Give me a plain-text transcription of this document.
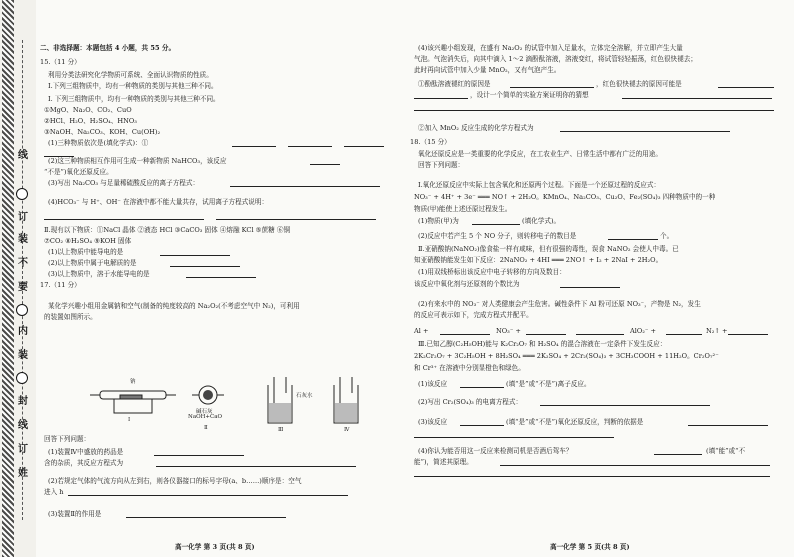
线
订
装
不
要
内
装
封
线
订
姓
二、非选择题：本题包括 4 小题，共 55 分。
15.（11 分）
利用分类法研究化学物质可系统、全面认识物质的性质。
Ⅰ.下列三组物质中，均有一种物质的类别与其他三种不同。
Ⅰ. 下列三组物质中，均有一种物质的类别与其他三种不同。
①MgO、Na₂O、CO₂、CuO
②HCl、H₂O、H₂SO₄、HNO₃
③NaOH、Na₂CO₃、KOH、Cu(OH)₂
(1)三种物质依次是(填化学式)：①
(2)这三种物质相互作用可生成一种新物质 NaHCO₃，该反应
“不是”)氧化还原反应。
(3)写出 Na₂CO₃ 与足量稀硫酸反应的离子方程式：
(4)HCO₃⁻ 与 H⁺、OH⁻ 在溶液中都不能大量共存，试用离子方程式说明：
Ⅱ.现有以下物质：①NaCl 晶体 ②液态 HCl ③CaCO₃ 固体 ④熔融 KCl ⑤蔗糖 ⑥铜
⑦CO₂ ⑧H₂SO₄ ⑨KOH 固体
(1)以上物质中能导电的是
(2)以上物质中属于电解质的是
(3)以上物质中，溶于水能导电的是
17.（11 分）
某化学兴趣小组用金属钠和空气(制备的纯度较高的 Na₂O₂(不考虑空气中 N₂)，可利用
的装置如图所示。
回答下列问题：
(1)装置Ⅳ中盛放的药品是
含的杂质，其反应方程式为
(2)若规定气体的气流方向从左到右，则各仪器接口的标号字母(a、b……)顺序是：空气
进入 h
(3)装置Ⅱ的作用是
Ⅰ
钠
碱石灰
NaOH+CaO
Ⅱ
石灰水
Ⅲ	Ⅳ
高一化学 第 3 页(共 8 页)
(4)该兴趣小组发现，在盛有 Na₂O₂ 的试管中加入足量水，立体完全溶解，并立即产生大量
气泡。气泡消失后，向其中滴入 1～2 滴酚酞溶液，溶液变红，将试管轻轻振荡，红色很快褪去；
此时再向试管中加入少量 MnO₂，又有气泡产生。
①酚酞溶液褪红的原因是
，设计一个简单的实验方案证明你的猜想
②加入 MnO₂ 反应生成的化学方程式为
18.（15 分）
氧化还原反应是一类重要的化学反应，在工农业生产、日常生活中都有广泛的用途。
回答下列问题：
Ⅰ.氧化还原反应中实际上包含氧化和还原两个过程。下面是一个还原过程的反应式：
NO₃⁻ + 4H⁺ + 3e⁻ ═══ NO↑ + 2H₂O。KMnO₄、Na₂CO₃、Cu₂O、Fe₂(SO₄)₃ 四种物质中的一种
物质(甲)能使上述还原过程发生。
(1)物质(甲)为
(2)反应中若产生 5 个 NO 分子，则转移电子的数目是
Ⅱ.亚硝酸钠(NaNO₂)像食盐一样有咸味，但有很强的毒性，误食 NaNO₂ 会使人中毒。已
知亚硝酸钠能发生如下反应：2NaNO₂ + 4HI ═══ 2NO↑ + I₂ + 2NaI + 2H₂O。
(1)用双线桥标出该反应中电子转移的方向及数目：
该反应中氧化剂与还原剂的个数比为
(2)有来水中的 NO₃⁻ 对人类健康会产生危害。碱性条件下 Al 粉可还原 NO₃⁻，产物是 N₂，发生
的反应可表示如下，完成方程式并配平。
Al +	NO₃⁻ +	AlO₂⁻ +	N₂↑ +
Ⅲ.已知乙醇(C₂H₅OH)能与 K₂Cr₂O₇ 和 H₂SO₄ 的混合溶液在一定条件下发生反应：
2K₂Cr₂O₇ + 3C₂H₅OH + 8H₂SO₄ ═══ 2K₂SO₄ + 2Cr₂(SO₄)₃ + 3CH₃COOH + 11H₂O。Cr₂O₇²⁻
和 Cr³⁺ 在溶液中分别显橙色和绿色。
(1)该反应
(2)写出 Cr₂(SO₄)₃ 的电离方程式：
(3)该反应
(4)你认为能否用这一反应来检测司机是否酒后驾车？
能”)，简述其原理。
，红色很快褪去的原因可能是
(填化学式)。
个。
(填“是”或“不是”)离子反应。
(填“是”或“不是”)氧化还原反应，判断的依据是
(填“能”或“不
高一化学 第 5 页(共 8 页)
